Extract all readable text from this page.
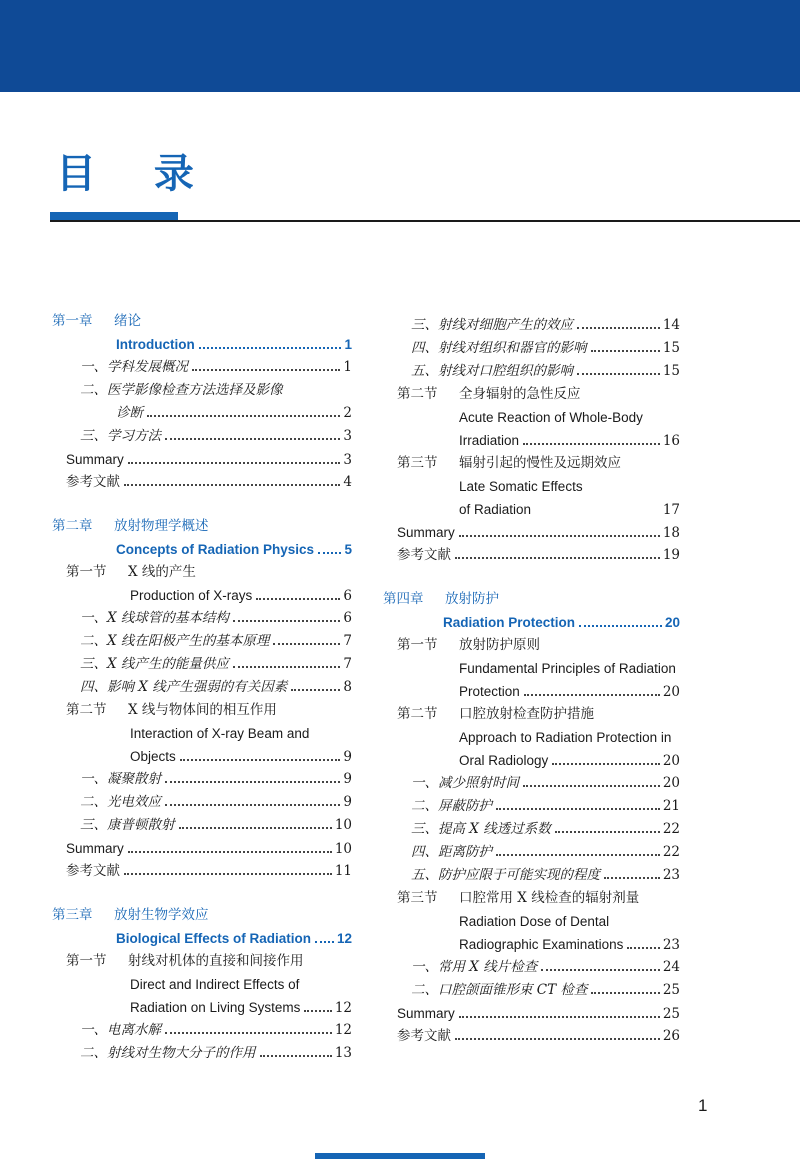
目 录
第一章	绪论
Introduction	1
一、学科发展概况	1
二、医学影像检查方法选择及影像
诊断	2
三、学习方法	3
Summary	3
参考文献	4
第二章	放射物理学概述
Concepts of Radiation Physics 5
第一节	X 线的产生
Production of X-rays	6
一、X 线球管的基本结构	6
二、X 线在阳极产生的基本原理	7
三、X 线产生的能量供应	7
四、影响 X 线产生强弱的有关因素	8
第二节	X 线与物体间的相互作用
Interaction of X-ray Beam and
Objects	9
一、凝聚散射	9
二、光电效应	9
三、康普顿散射	10
Summary	10
参考文献	11
第三章	放射生物学效应
Biological Effects of Radiation 12
第一节	射线对机体的直接和间接作用
Direct and Indirect Effects of
Radiation on Living Systems	12
一、电离水解	12
二、射线对生物大分子的作用	13
三、射线对细胞产生的效应	14
四、射线对组织和器官的影响	15
五、射线对口腔组织的影响	15
第二节	全身辐射的急性反应
Acute Reaction of Whole-Body
Irradiation	16
第三节	辐射引起的慢性及远期效应
Late Somatic Effects
of Radiation	17
Summary	18
参考文献	19
第四章	放射防护
Radiation Protection	20
第一节	放射防护原则
Fundamental Principles of Radiation
Protection	20
第二节	口腔放射检查防护措施
Approach to Radiation Protection in
Oral Radiology	20
一、减少照射时间	20
二、屏蔽防护	21
三、提高 X 线透过系数	22
四、距离防护	22
五、防护应限于可能实现的程度	23
第三节	口腔常用 X 线检查的辐射剂量
Radiation Dose of Dental
Radiographic Examinations	23
一、常用 X 线片检查	24
二、口腔颌面锥形束 CT 检查	25
Summary	25
参考文献	26
1
